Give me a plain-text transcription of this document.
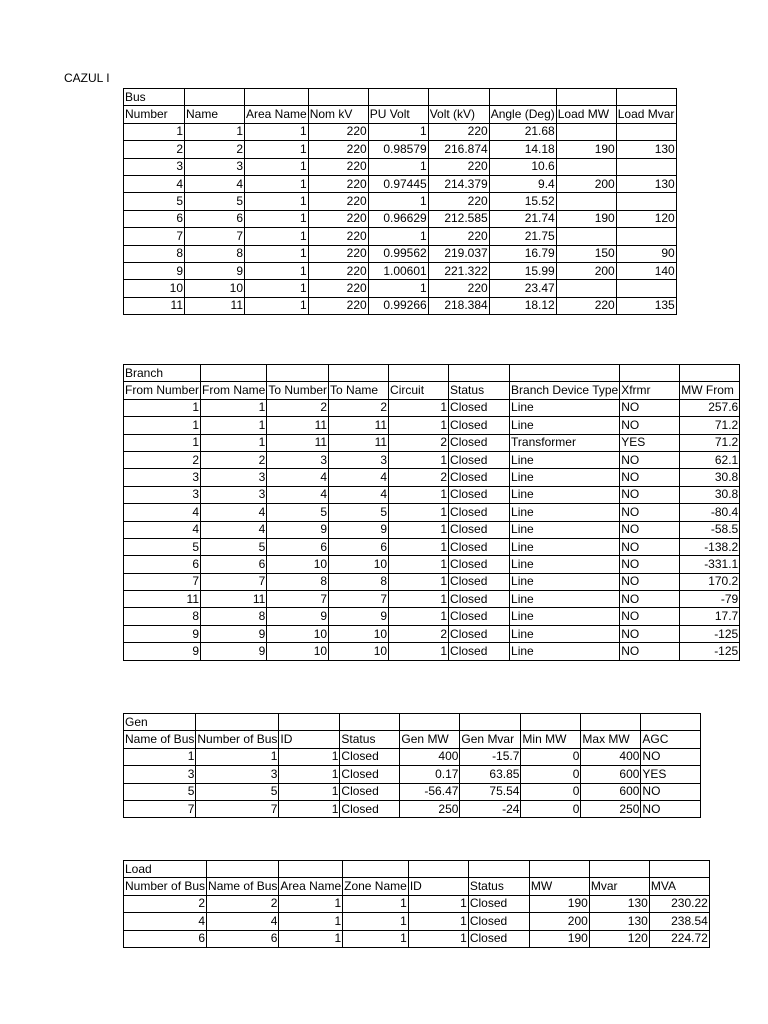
CAZUL I
Bus								
Number	Name	Area Name	Nom kV	PU Volt	Volt (kV)	Angle (Deg)	Load MW	Load Mvar
1	1	1	220	1	220	21.68		
2	2	1	220	0.98579	216.874	14.18	190	130
3	3	1	220	1	220	10.6		
4	4	1	220	0.97445	214.379	9.4	200	130
5	5	1	220	1	220	15.52		
6	6	1	220	0.96629	212.585	21.74	190	120
7	7	1	220	1	220	21.75		
8	8	1	220	0.99562	219.037	16.79	150	90
9	9	1	220	1.00601	221.322	15.99	200	140
10	10	1	220	1	220	23.47		
11	11	1	220	0.99266	218.384	18.12	220	135
Branch								
From Number	From Name	To Number	To Name	Circuit	Status	Branch Device Type	Xfrmr	MW From
1	1	2	2	1	Closed	Line	NO	257.6
1	1	11	11	1	Closed	Line	NO	71.2
1	1	11	11	2	Closed	Transformer	YES	71.2
2	2	3	3	1	Closed	Line	NO	62.1
3	3	4	4	2	Closed	Line	NO	30.8
3	3	4	4	1	Closed	Line	NO	30.8
4	4	5	5	1	Closed	Line	NO	-80.4
4	4	9	9	1	Closed	Line	NO	-58.5
5	5	6	6	1	Closed	Line	NO	-138.2
6	6	10	10	1	Closed	Line	NO	-331.1
7	7	8	8	1	Closed	Line	NO	170.2
11	11	7	7	1	Closed	Line	NO	-79
8	8	9	9	1	Closed	Line	NO	17.7
9	9	10	10	2	Closed	Line	NO	-125
9	9	10	10	1	Closed	Line	NO	-125
Gen								
Name of Bus	Number of Bus	ID	Status	Gen MW	Gen Mvar	Min MW	Max MW	AGC
1	1	1	Closed	400	-15.7	0	400	NO
3	3	1	Closed	0.17	63.85	0	600	YES
5	5	1	Closed	-56.47	75.54	0	600	NO
7	7	1	Closed	250	-24	0	250	NO
Load								
Number of Bus	Name of Bus	Area Name	Zone Name	ID	Status	MW	Mvar	MVA
2	2	1	1	1	Closed	190	130	230.22
4	4	1	1	1	Closed	200	130	238.54
6	6	1	1	1	Closed	190	120	224.72
